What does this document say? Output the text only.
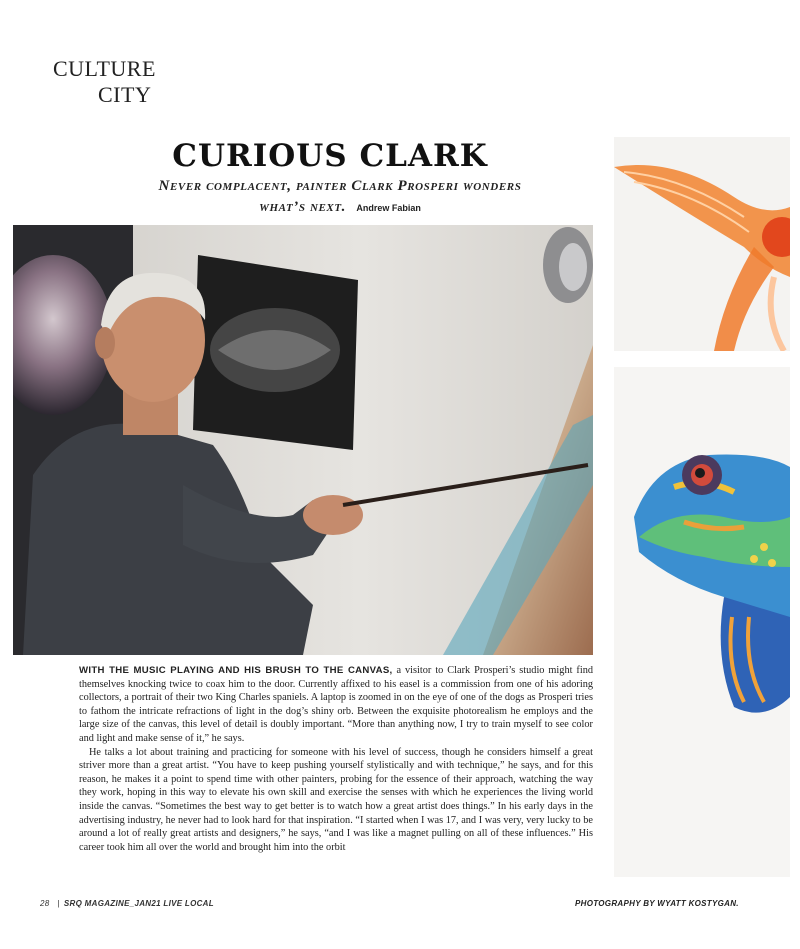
CULTURE
CITY
CURIOUS CLARK
Never complacent, painter Clark Prosperi wonders what’s next. Andrew Fabian

WITH THE MUSIC PLAYING AND HIS BRUSH TO THE CANVAS, a visitor to Clark Prosperi’s studio might find themselves knocking twice to coax him to the door. Currently affixed to his easel is a commission from one of his adoring collectors, a portrait of their two King Charles spaniels. A laptop is zoomed in on the eye of one of the dogs as Prosperi tries to fathom the intricate refractions of light in the dog’s shiny orb. Between the exquisite photorealism he employs and the large size of the canvas, this level of detail is doubly important. “More than anything now, I try to train myself to see color and light and make sense of it,” he says.

He talks a lot about training and practicing for someone with his level of success, though he considers himself a great striver more than a great artist. “You have to keep pushing yourself stylistically and with technique,” he says, and for this reason, he makes it a point to spend time with other painters, probing for the essence of their approach, watching the way they work, hoping in this way to elevate his own skill and exercise the senses with which he experiences the living world inside the canvas. “Sometimes the best way to get better is to watch how a great artist does things.” In his early days in the advertising industry, he never had to look hard for that inspiration. “I started when I was 17, and I was very, very lucky to be around a lot of really great artists and designers,” he says, “and I was like a magnet pulling on all of these influences.” His career took him all over the world and brought him into the orbit

28 | SRQ MAGAZINE_JAN21 LIVE LOCAL	PHOTOGRAPHY BY WYATT KOSTYGAN.
